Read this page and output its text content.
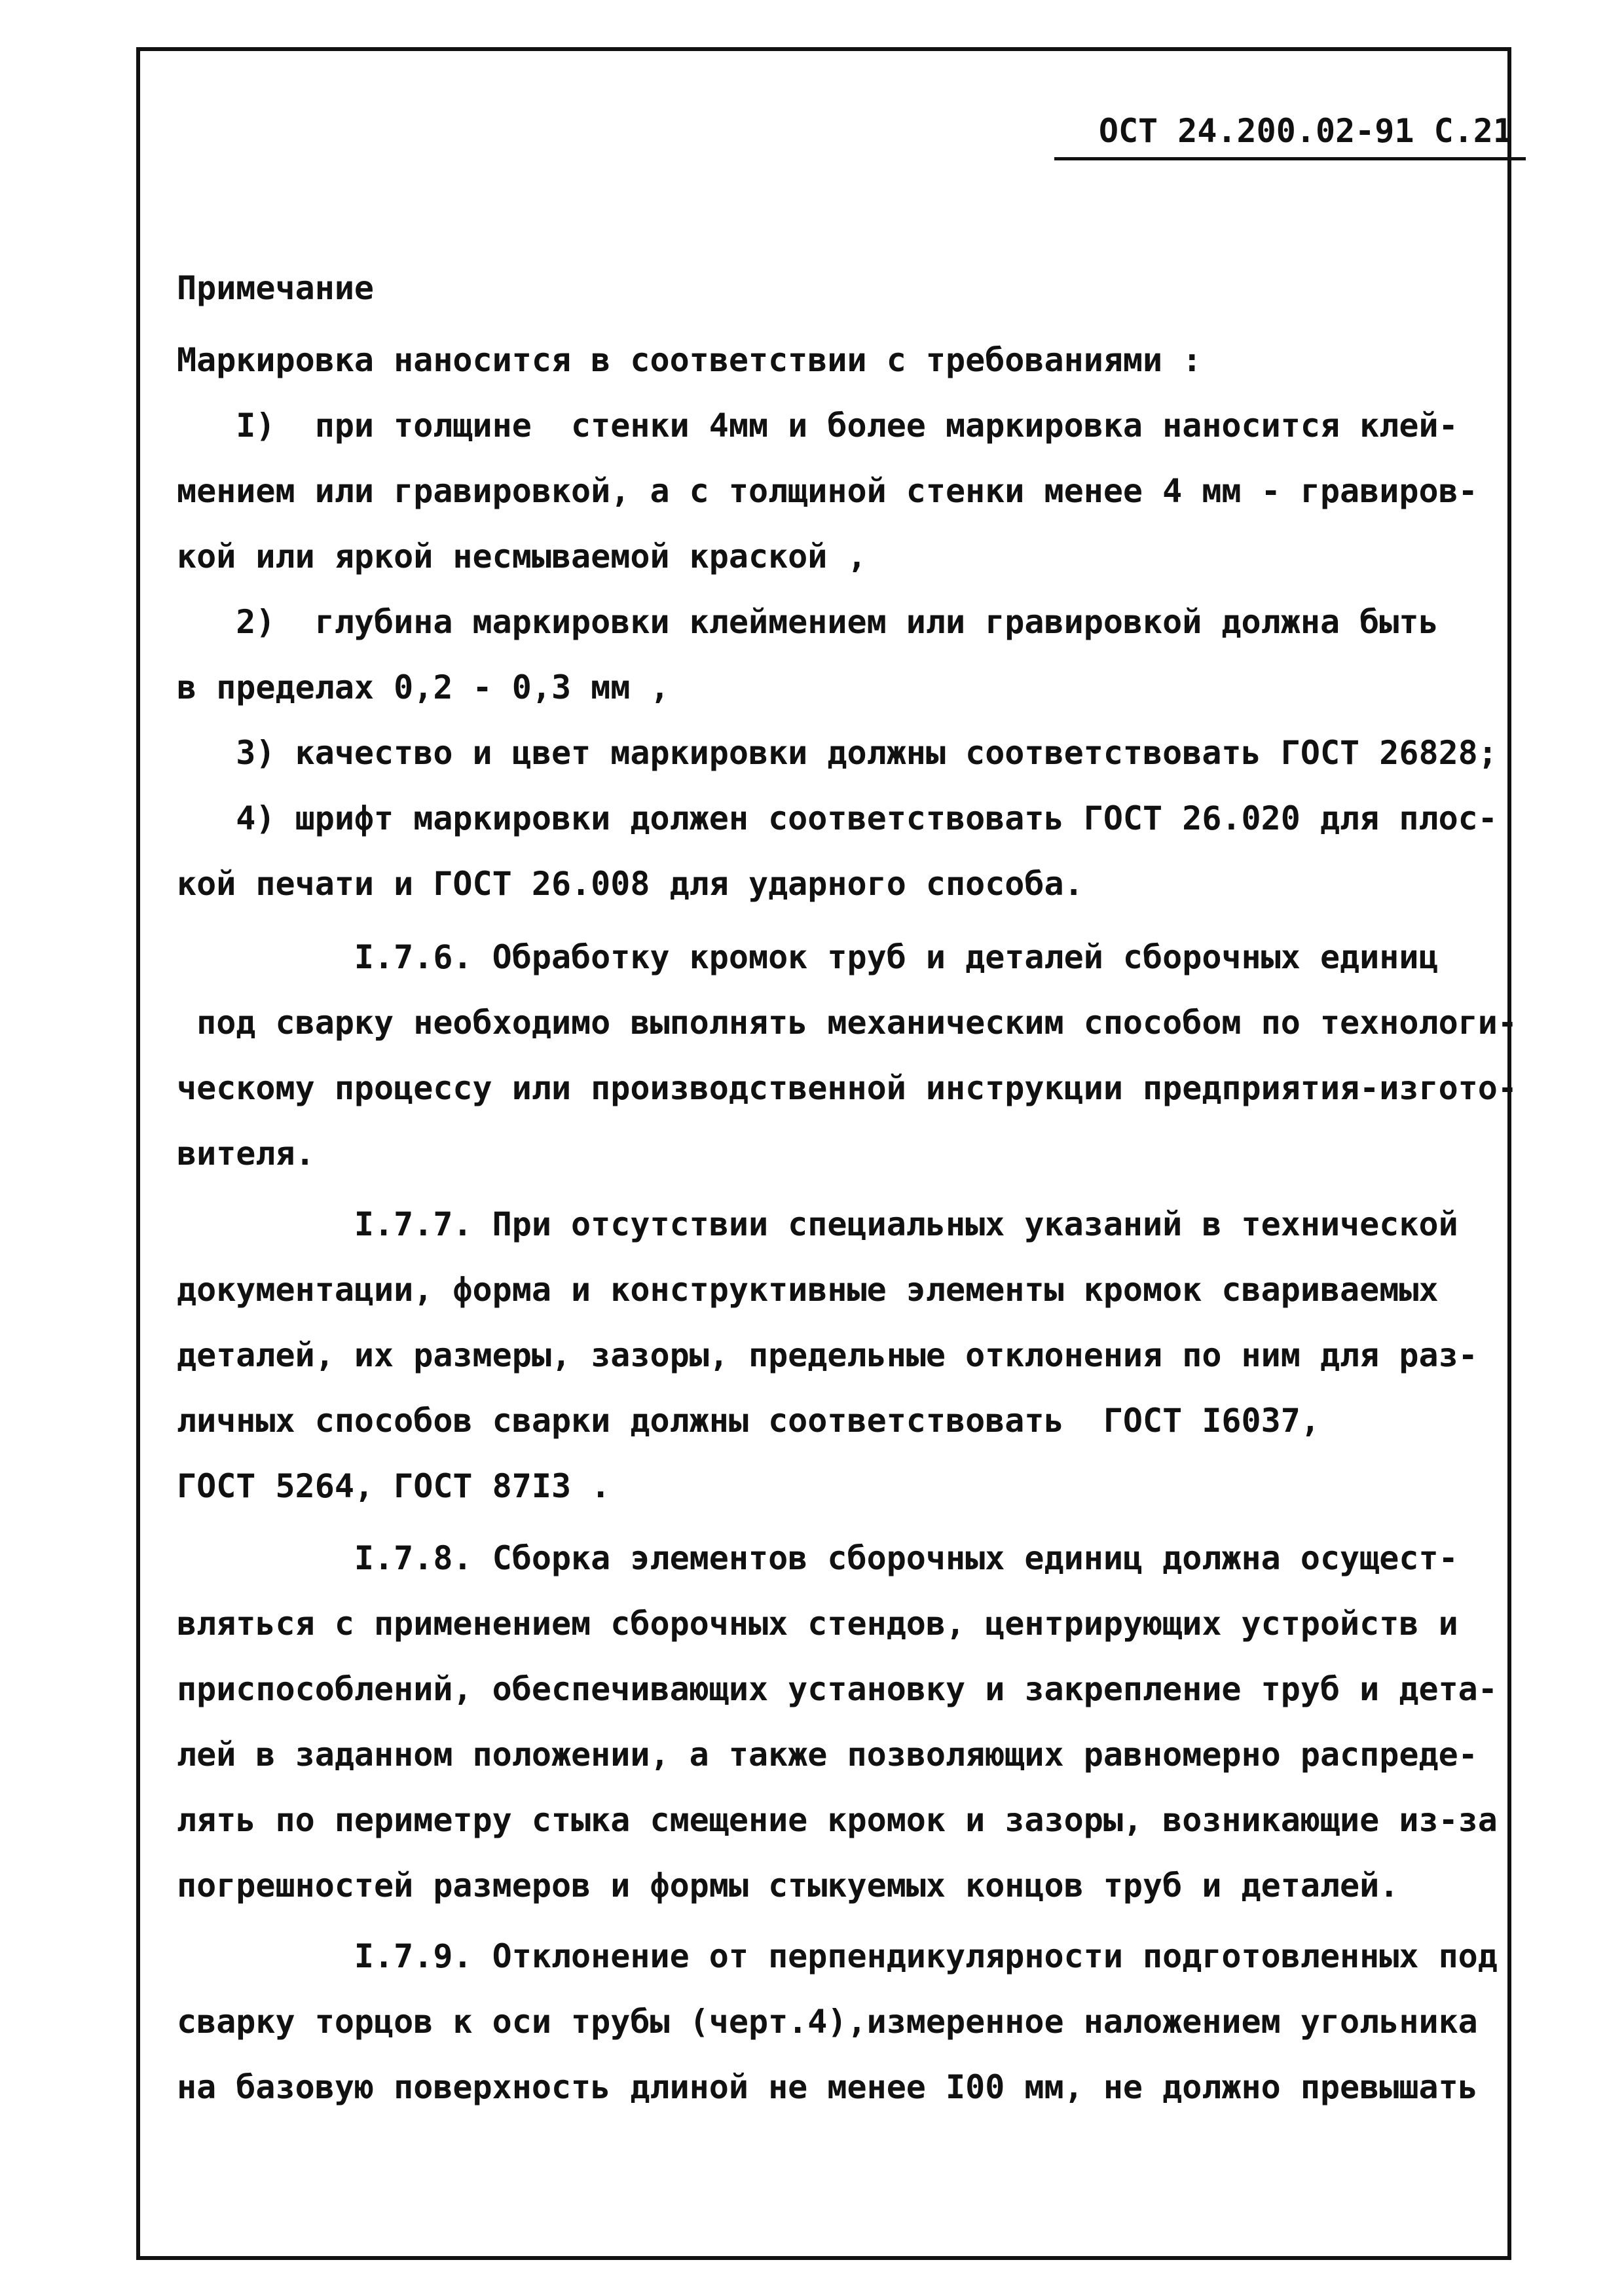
ОСТ 24.200.02-91 С.21
Примечание
Маркировка наносится в соответствии с требованиями :
I)  при толщине  стенки 4мм и более маркировка наносится клей-
мением или гравировкой, а с толщиной стенки менее 4 мм - гравиров-
кой или яркой несмываемой краской ,
2)  глубина маркировки клеймением или гравировкой должна быть
в пределах 0,2 - 0,3 мм ,
3) качество и цвет маркировки должны соответствовать ГОСТ 26828;
4) шрифт маркировки должен соответствовать ГОСТ 26.020 для плос-
кой печати и ГОСТ 26.008 для ударного способа.
I.7.6. Обработку кромок труб и деталей сборочных единиц
под сварку необходимо выполнять механическим способом по технологи-
ческому процессу или производственной инструкции предприятия-изгото-
вителя.
I.7.7. При отсутствии специальных указаний в технической
документации, форма и конструктивные элементы кромок свариваемых
деталей, их размеры, зазоры, предельные отклонения по ним для раз-
личных способов сварки должны соответствовать  ГОСТ I6037,
ГОСТ 5264, ГОСТ 87I3 .
I.7.8. Сборка элементов сборочных единиц должна осущест-
вляться с применением сборочных стендов, центрирующих устройств и
приспособлений, обеспечивающих установку и закрепление труб и дета-
лей в заданном положении, а также позволяющих равномерно распреде-
лять по периметру стыка смещение кромок и зазоры, возникающие из-за
погрешностей размеров и формы стыкуемых концов труб и деталей.
I.7.9. Отклонение от перпендикулярности подготовленных под
сварку торцов к оси трубы (черт.4),измеренное наложением угольника
на базовую поверхность длиной не менее I00 мм, не должно превышать
